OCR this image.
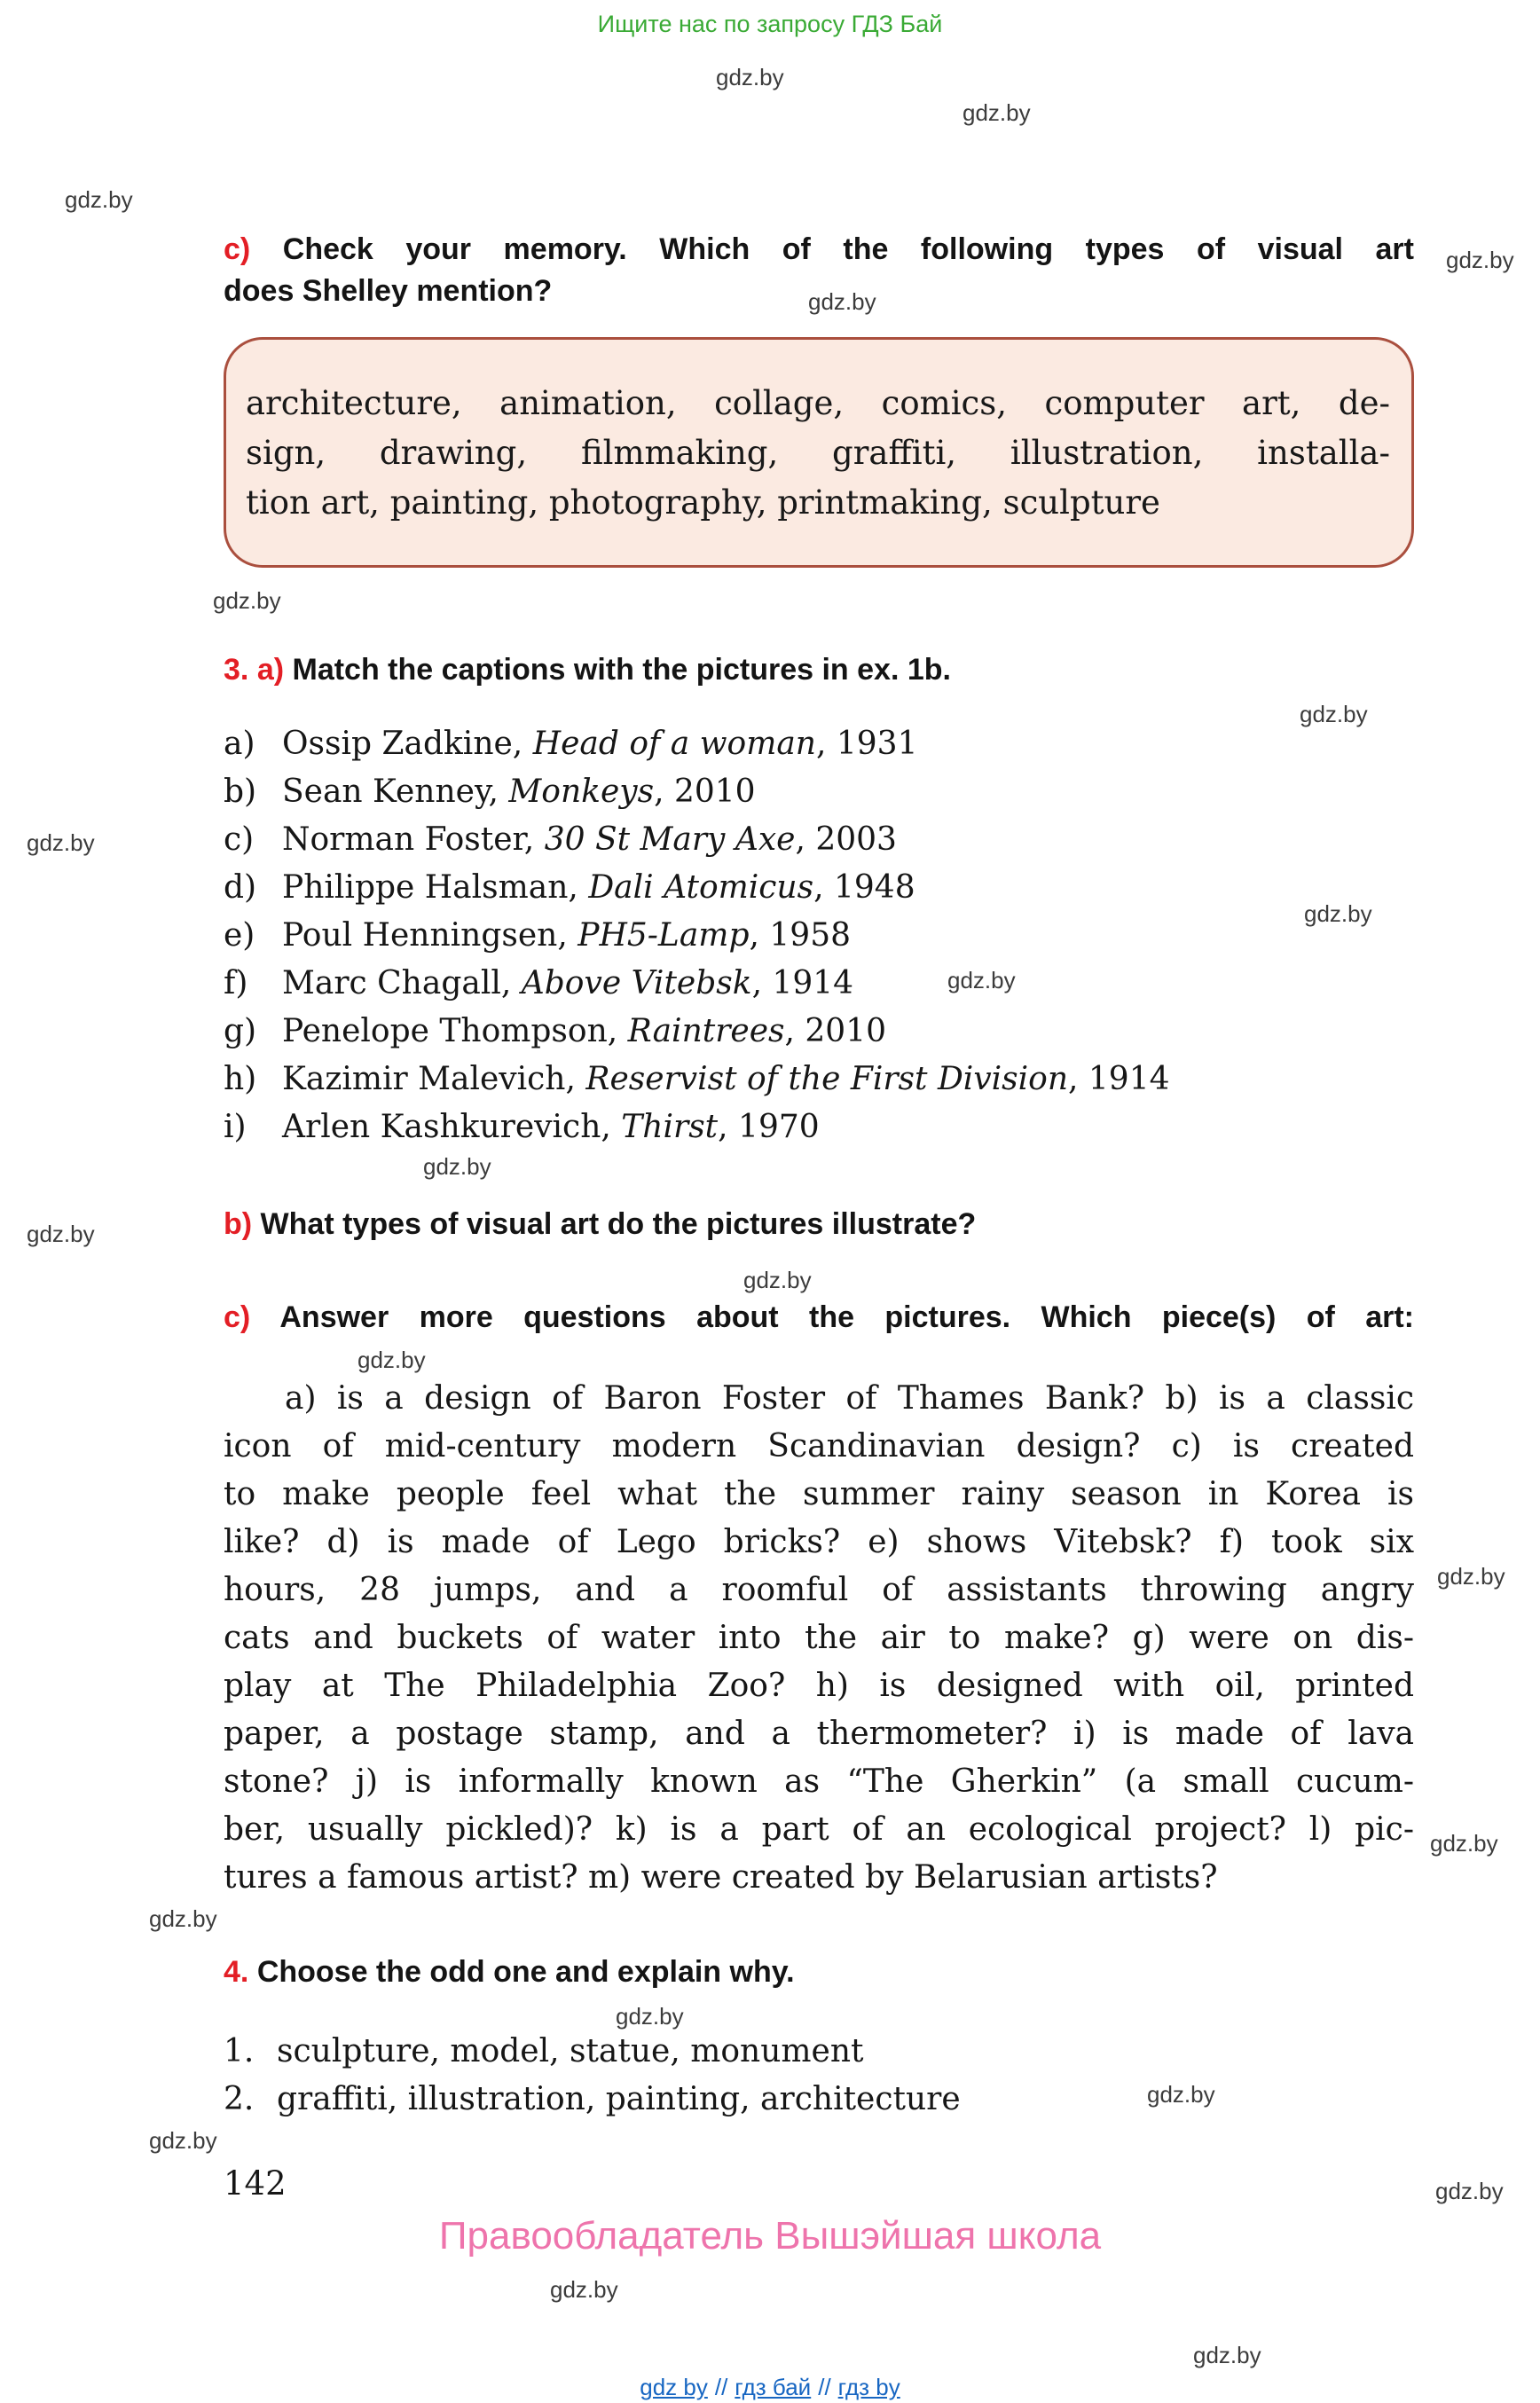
Ищите нас по запросу ГДЗ Бай
gdz.by
gdz.by
gdz.by
gdz.by
gdz.by
gdz.by
gdz.by
gdz.by
gdz.by
gdz.by
gdz.by
gdz.by
gdz.by
gdz.by
gdz.by
gdz.by
gdz.by
gdz.by
gdz.by
gdz.by
gdz.by
gdz.by
gdz.by
c) Check your memory. Which of the following types of visual art
does Shelley mention?
architecture, animation, collage, comics, computer art, de-
sign, drawing, filmmaking, graffiti, illustration, installa-
tion art, painting, photography, printmaking, sculpture
3. a) Match the captions with the pictures in ex. 1b.
a) Ossip Zadkine, Head of a woman, 1931
b) Sean Kenney, Monkeys, 2010
c) Norman Foster, 30 St Mary Axe, 2003
d) Philippe Halsman, Dali Atomicus, 1948
e) Poul Henningsen, PH5-Lamp, 1958
f) Marc Chagall, Above Vitebsk, 1914
g) Penelope Thompson, Raintrees, 2010
h) Kazimir Malevich, Reservist of the First Division, 1914
i) Arlen Kashkurevich, Thirst, 1970
b) What types of visual art do the pictures illustrate?
c) Answer more questions about the pictures. Which piece(s) of art:
a) is a design of Baron Foster of Thames Bank? b) is a classic
icon of mid-century modern Scandinavian design? c) is created
to make people feel what the summer rainy season in Korea is
like? d) is made of Lego bricks? e) shows Vitebsk? f) took six
hours, 28 jumps, and a roomful of assistants throwing angry
cats and buckets of water into the air to make? g) were on dis-
play at The Philadelphia Zoo? h) is designed with oil, printed
paper, a postage stamp, and a thermometer? i) is made of lava
stone? j) is informally known as “The Gherkin” (a small cucum-
ber, usually pickled)? k) is a part of an ecological project? l) pic-
tures a famous artist? m) were created by Belarusian artists?
4. Choose the odd one and explain why.
1. sculpture, model, statue, monument
2. graffiti, illustration, painting, architecture
142
Правообладатель Вышэйшая школа
gdz by // гдз бай // гдз by
